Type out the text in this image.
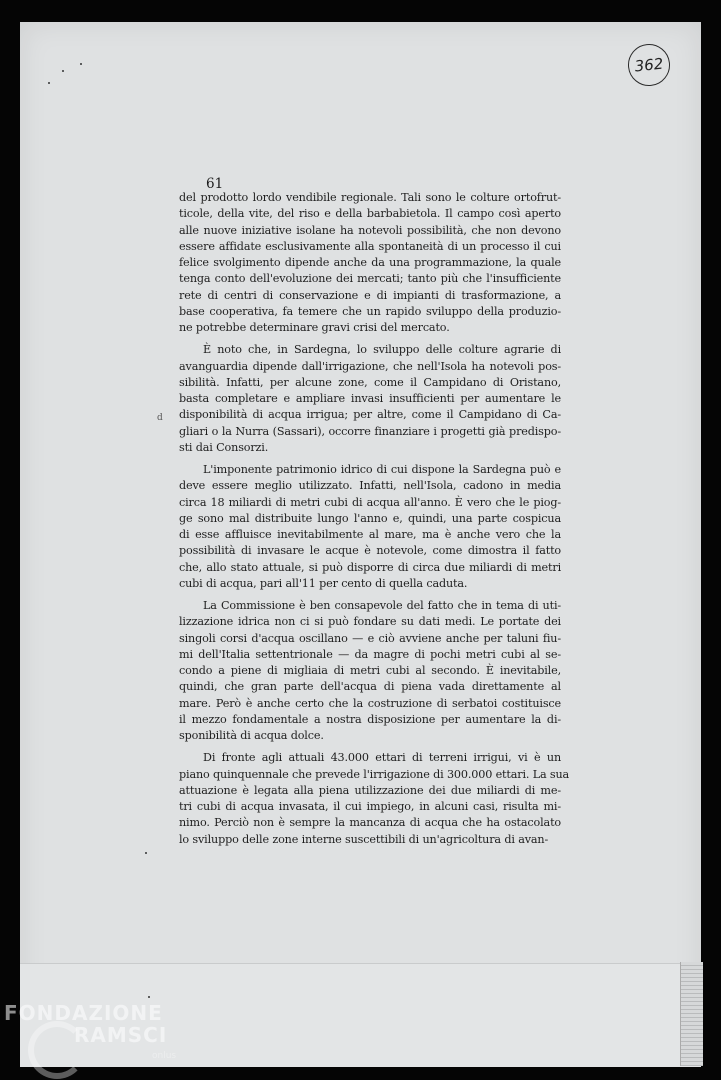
362
61
d

del prodotto lordo vendibile regionale. Tali sono le colture ortofrut-
ticole, della vite, del riso e della barbabietola. Il campo così aperto
alle nuove iniziative isolane ha notevoli possibilità, che non devono
essere affidate esclusivamente alla spontaneità di un processo il cui
felice svolgimento dipende anche da una programmazione, la quale
tenga conto dell'evoluzione dei mercati; tanto più che l'insufficiente
rete di centri di conservazione e di impianti di trasformazione, a
base cooperativa, fa temere che un rapido sviluppo della produzio-
ne potrebbe determinare gravi crisi del mercato.

È noto che, in Sardegna, lo sviluppo delle colture agrarie di
avanguardia dipende dall'irrigazione, che nell'Isola ha notevoli pos-
sibilità. Infatti, per alcune zone, come il Campidano di Oristano,
basta completare e ampliare invasi insufficienti per aumentare le
disponibilità di acqua irrigua; per altre, come il Campidano di Ca-
gliari o la Nurra (Sassari), occorre finanziare i progetti già predispo-
sti dai Consorzi.

L'imponente patrimonio idrico di cui dispone la Sardegna può e
deve essere meglio utilizzato. Infatti, nell'Isola, cadono in media
circa 18 miliardi di metri cubi di acqua all'anno. È vero che le piog-
ge sono mal distribuite lungo l'anno e, quindi, una parte cospicua
di esse affluisce inevitabilmente al mare, ma è anche vero che la
possibilità di invasare le acque è notevole, come dimostra il fatto
che, allo stato attuale, si può disporre di circa due miliardi di metri
cubi di acqua, pari all'11 per cento di quella caduta.

La Commissione è ben consapevole del fatto che in tema di uti-
lizzazione idrica non ci si può fondare su dati medi. Le portate dei
singoli corsi d'acqua oscillano — e ciò avviene anche per taluni fiu-
mi dell'Italia settentrionale — da magre di pochi metri cubi al se-
condo a piene di migliaia di metri cubi al secondo. È inevitabile,
quindi, che gran parte dell'acqua di piena vada direttamente al
mare. Però è anche certo che la costruzione di serbatoi costituisce
il mezzo fondamentale a nostra disposizione per aumentare la di-
sponibilità di acqua dolce.

Di fronte agli attuali 43.000 ettari di terreni irrigui, vi è un
piano quinquennale che prevede l'irrigazione di 300.000 ettari. La sua
attuazione è legata alla piena utilizzazione dei due miliardi di me-
tri cubi di acqua invasata, il cui impiego, in alcuni casi, risulta mi-
nimo. Perciò non è sempre la mancanza di acqua che ha ostacolato
lo sviluppo delle zone interne suscettibili di un'agricoltura di avan-

FONDAZIONE
RAMSCI
onlus
